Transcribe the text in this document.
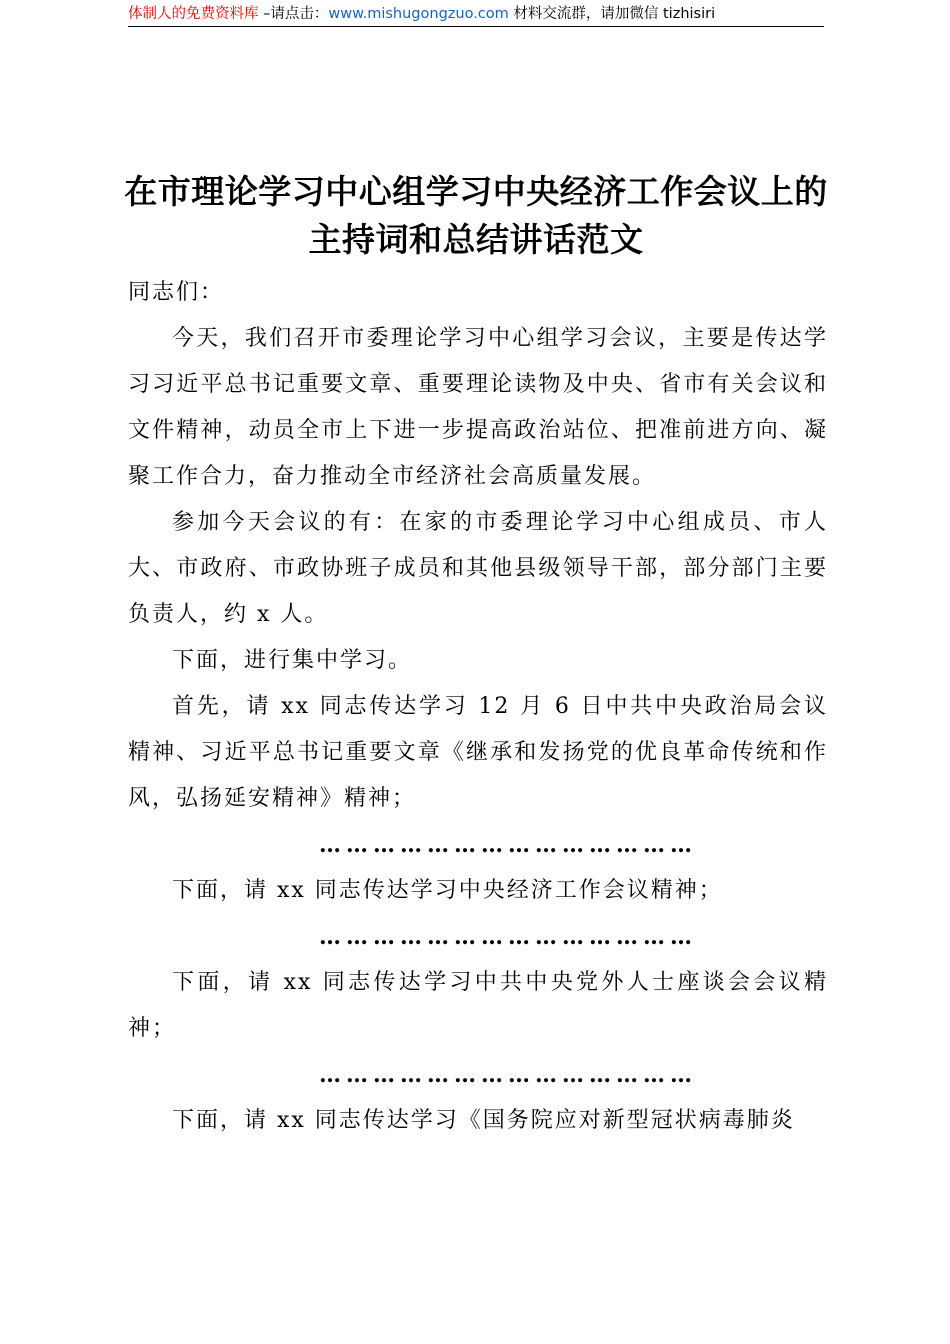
体制人的免费资料库 –请点击：www.mishugongzuo.com 材料交流群，请加微信 tizhisiri
在市理论学习中心组学习中央经济工作会议上的主持词和总结讲话范文

同志们：

今天，我们召开市委理论学习中心组学习会议，主要是传达学习习近平总书记重要文章、重要理论读物及中央、省市有关会议和文件精神，动员全市上下进一步提高政治站位、把准前进方向、凝聚工作合力，奋力推动全市经济社会高质量发展。

参加今天会议的有：在家的市委理论学习中心组成员、市人大、市政府、市政协班子成员和其他县级领导干部，部分部门主要负责人，约 x 人。

下面，进行集中学习。

首先，请 xx 同志传达学习 12 月 6 日中共中央政治局会议精神、习近平总书记重要文章《继承和发扬党的优良革命传统和作风，弘扬延安精神》精神；

……………………………………

下面，请 xx 同志传达学习中央经济工作会议精神；

……………………………………

下面，请 xx 同志传达学习中共中央党外人士座谈会会议精神；

……………………………………

下面，请 xx 同志传达学习《国务院应对新型冠状病毒肺炎
